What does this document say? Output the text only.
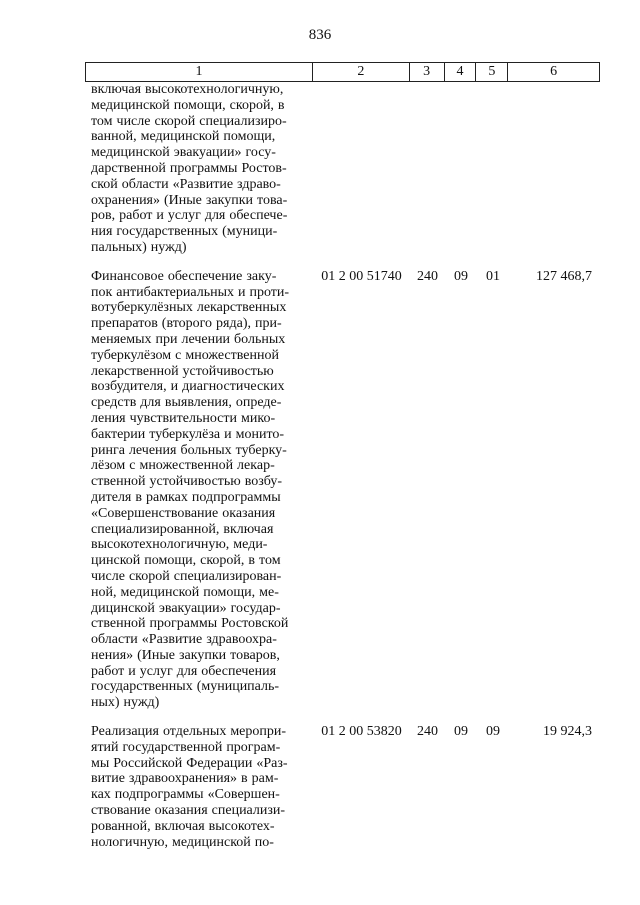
836
1	2	3	4	5	6
включая высокотехнологичную,
медицинской помощи, скорой, в
том числе скорой специализиро-
ванной, медицинской помощи,
медицинской эвакуации» госу-
дарственной программы Ростов-
ской области «Развитие здраво-
охранения» (Иные закупки това-
ров, работ и услуг для обеспече-
ния государственных (муници-
пальных) нужд)
Финансовое обеспечение заку-
пок антибактериальных и проти-
вотуберкулёзных лекарственных
препаратов (второго ряда), при-
меняемых при лечении больных
туберкулёзом с множественной
лекарственной устойчивостью
возбудителя, и диагностических
средств для выявления, опреде-
ления чувствительности мико-
бактерии туберкулёза и монито-
ринга лечения больных туберку-
лёзом с множественной лекар-
ственной устойчивостью возбу-
дителя в рамках подпрограммы
«Совершенствование оказания
специализированной, включая
высокотехнологичную, меди-
цинской помощи, скорой, в том
числе скорой специализирован-
ной, медицинской помощи, ме-
дицинской эвакуации» государ-
ственной программы Ростовской
области «Развитие здравоохра-
нения» (Иные закупки товаров,
работ и услуг для обеспечения
государственных (муниципаль-
ных) нужд)
01 2 00 51740	240	09	01	127 468,7
Реализация отдельных меропри-
ятий государственной програм-
мы Российской Федерации «Раз-
витие здравоохранения» в рам-
ках подпрограммы «Совершен-
ствование оказания специализи-
рованной, включая высокотех-
нологичную, медицинской по-
01 2 00 53820	240	09	09	19 924,3
